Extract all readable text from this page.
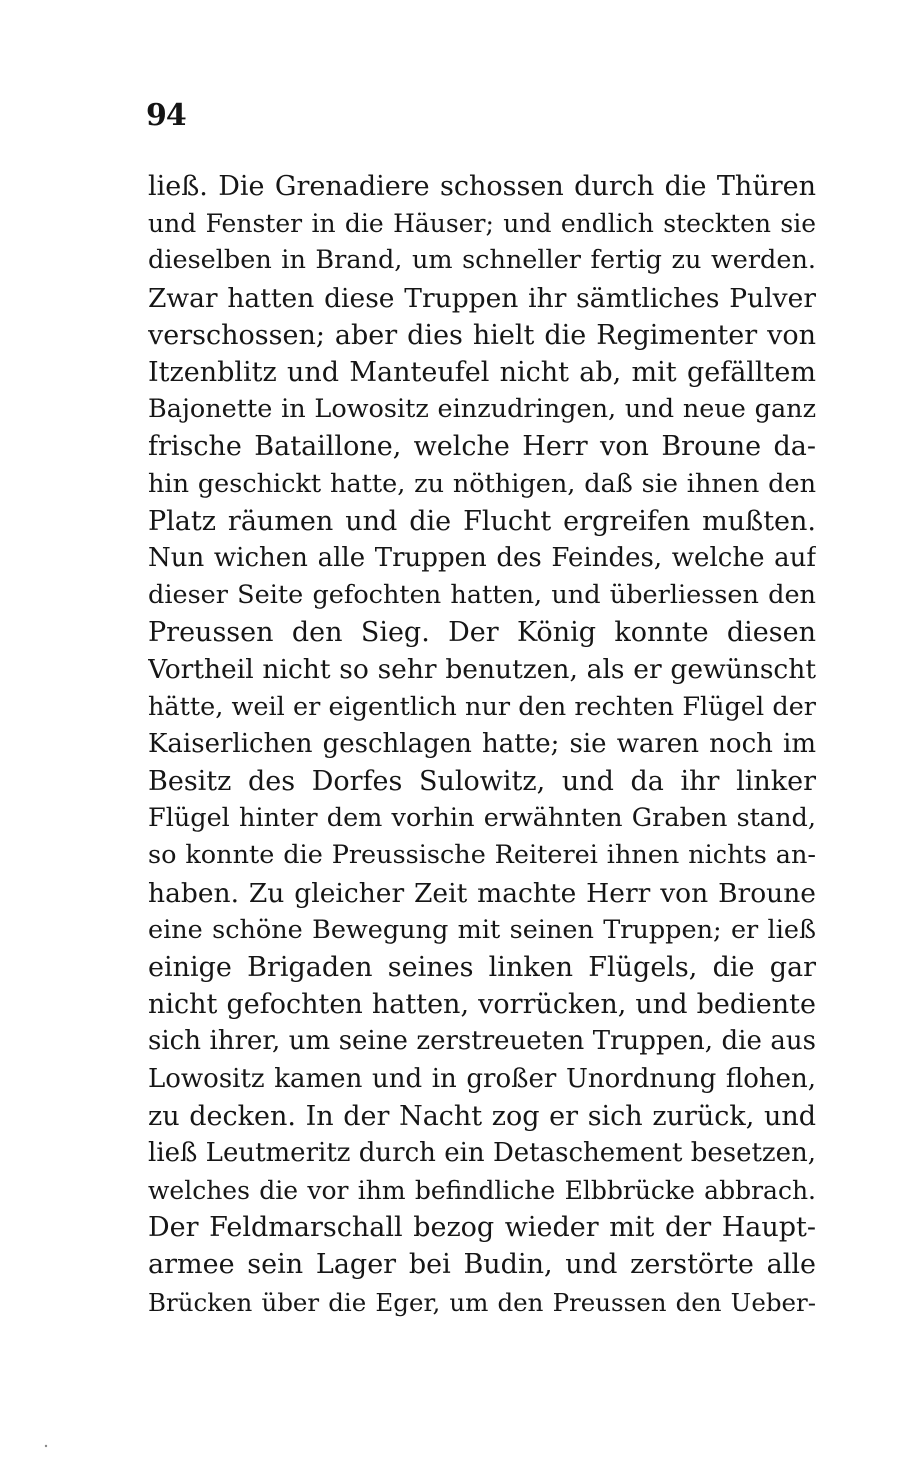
94
ließ. Die Grenadiere schossen durch die Thüren
und Fenster in die Häuser; und endlich steckten sie
dieselben in Brand, um schneller fertig zu werden.
Zwar hatten diese Truppen ihr sämtliches Pulver
verschossen; aber dies hielt die Regimenter von
Itzenblitz und Manteufel nicht ab, mit gefälltem
Bajonette in Lowositz einzudringen, und neue ganz
frische Bataillone, welche Herr von Broune da-
hin geschickt hatte, zu nöthigen, daß sie ihnen den
Platz räumen und die Flucht ergreifen mußten.
Nun wichen alle Truppen des Feindes, welche auf
dieser Seite gefochten hatten, und überliessen den
Preussen den Sieg. Der König konnte diesen
Vortheil nicht so sehr benutzen, als er gewünscht
hätte, weil er eigentlich nur den rechten Flügel der
Kaiserlichen geschlagen hatte; sie waren noch im
Besitz des Dorfes Sulowitz, und da ihr linker
Flügel hinter dem vorhin erwähnten Graben stand,
so konnte die Preussische Reiterei ihnen nichts an-
haben. Zu gleicher Zeit machte Herr von Broune
eine schöne Bewegung mit seinen Truppen; er ließ
einige Brigaden seines linken Flügels, die gar
nicht gefochten hatten, vorrücken, und bediente
sich ihrer, um seine zerstreueten Truppen, die aus
Lowositz kamen und in großer Unordnung flohen,
zu decken. In der Nacht zog er sich zurück, und
ließ Leutmeritz durch ein Detaschement besetzen,
welches die vor ihm befindliche Elbbrücke abbrach.
Der Feldmarschall bezog wieder mit der Haupt-
armee sein Lager bei Budin, und zerstörte alle
Brücken über die Eger, um den Preussen den Ueber-
